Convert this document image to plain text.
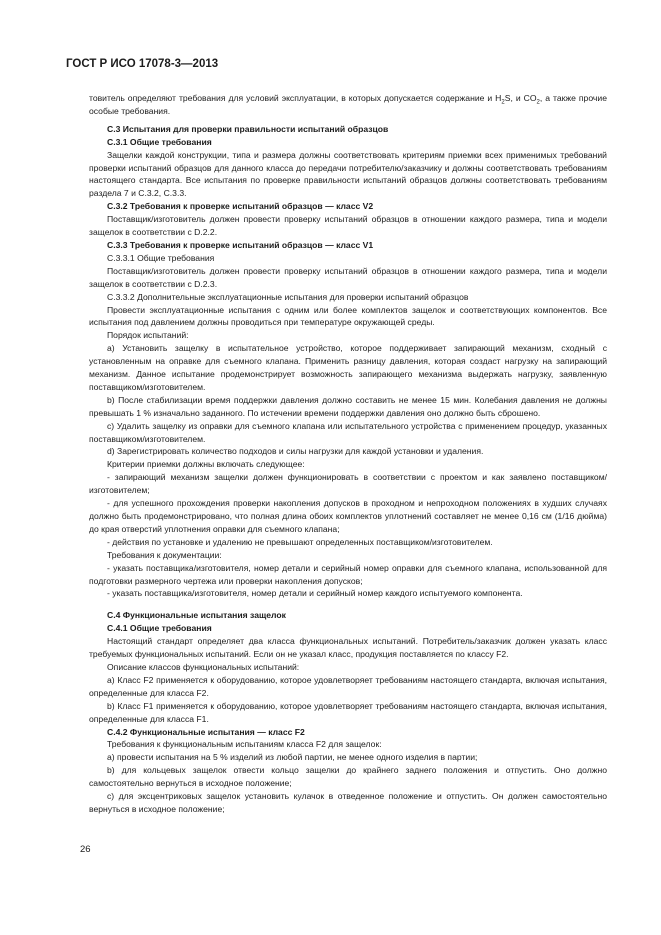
ГОСТ Р ИСО 17078-3—2013

товитель определяют требования для условий эксплуатации, в которых допускается содержание и $H_2S$, и $CO_2$, а также прочие особые требования.

С.3 Испытания для проверки правильности испытаний образцов

С.3.1 Общие требования

Защелки каждой конструкции, типа и размера должны соответствовать критериям приемки всех применимых требований проверки испытаний образцов для данного класса до передачи потребителю/заказчику и должны соответствовать требованиям настоящего стандарта. Все испытания по проверке правильности испытаний образцов должны соответствовать требованиям раздела 7 и С.3.2, С.3.3.

С.3.2 Требования к проверке испытаний образцов — класс V2

Поставщик/изготовитель должен провести проверку испытаний образцов в отношении каждого размера, типа и модели защелок в соответствии с D.2.2.

С.3.3 Требования к проверке испытаний образцов — класс V1

С.3.3.1 Общие требования

Поставщик/изготовитель должен провести проверку испытаний образцов в отношении каждого размера, типа и модели защелок в соответствии с D.2.3.

С.3.3.2 Дополнительные эксплуатационные испытания для проверки испытаний образцов

Провести эксплуатационные испытания с одним или более комплектов защелок и соответствующих компонентов. Все испытания под давлением должны проводиться при температуре окружающей среды.

Порядок испытаний:

a) Установить защелку в испытательное устройство, которое поддерживает запирающий механизм, сходный с установленным на оправке для съемного клапана. Применить разницу давления, которая создаст нагрузку на запирающий механизм. Данное испытание продемонстрирует возможность запирающего механизма выдержать нагрузку, заявленную поставщиком/изготовителем.

b) После стабилизации время поддержки давления должно составить не менее 15 мин. Колебания давления не должны превышать 1 % изначально заданного. По истечении времени поддержки давления оно должно быть сброшено.

c) Удалить защелку из оправки для съемного клапана или испытательного устройства с применением процедур, указанных поставщиком/изготовителем.

d) Зарегистрировать количество подходов и силы нагрузки для каждой установки и удаления.

Критерии приемки должны включать следующее:

- запирающий механизм защелки должен функционировать в соответствии с проектом и как заявлено поставщиком/изготовителем;

- для успешного прохождения проверки накопления допусков в проходном и непроходном положениях в худших случаях должно быть продемонстрировано, что полная длина обоих комплектов уплотнений составляет не менее 0,16 см (1/16 дюйма) до края отверстий уплотнения оправки для съемного клапана;

- действия по установке и удалению не превышают определенных поставщиком/изготовителем.

Требования к документации:

- указать поставщика/изготовителя, номер детали и серийный номер оправки для съемного клапана, использованной для подготовки размерного чертежа или проверки накопления допусков;

- указать поставщика/изготовителя, номер детали и серийный номер каждого испытуемого компонента.

С.4 Функциональные испытания защелок

С.4.1 Общие требования

Настоящий стандарт определяет два класса функциональных испытаний. Потребитель/заказчик должен указать класс требуемых функциональных испытаний. Если он не указал класс, продукция поставляется по классу F2.

Описание классов функциональных испытаний:

a) Класс F2 применяется к оборудованию, которое удовлетворяет требованиям настоящего стандарта, включая испытания, определенные для класса F2.

b) Класс F1 применяется к оборудованию, которое удовлетворяет требованиям настоящего стандарта, включая испытания, определенные для класса F1.

С.4.2 Функциональные испытания — класс F2

Требования к функциональным испытаниям класса F2 для защелок:

a) провести испытания на 5 % изделий из любой партии, не менее одного изделия в партии;

b) для кольцевых защелок отвести кольцо защелки до крайнего заднего положения и отпустить. Оно должно самостоятельно вернуться в исходное положение;

c) для эксцентриковых защелок установить кулачок в отведенное положение и отпустить. Он должен самостоятельно вернуться в исходное положение;

26
